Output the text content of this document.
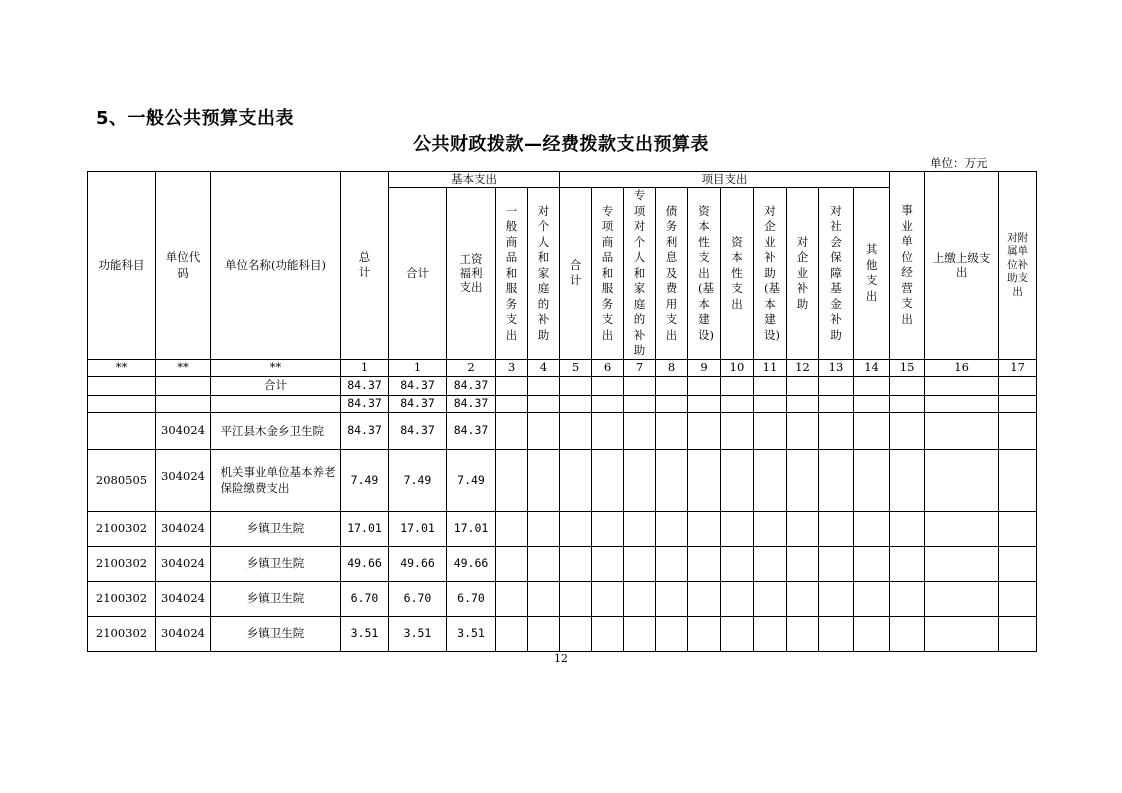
5、一般公共预算支出表
公共财政拨款—经费拨款支出预算表
单位：万元
功能科目	单位代码	单位名称(功能科目)	总计	基本支出				项目支出										事业单位经营支出	上缴上级支出	对附属单位补助支出
				合计	工资福利支出	一般商品和服务支出	对个人和家庭的补助	合计	专项商品和服务支出	专项对个人和家庭的补助	债务利息及费用支出	资本性支出(基本建设)	资本性支出	对企业补助(基本建设)	对企业补助	对社会保障基金补助	其他支出			
**	**	**	1	1	2	3	4	5	6	7	8	9	10	11	12	13	14	15	16	17
		合计	84.37	84.37	84.37															
			84.37	84.37	84.37															
	304024	平江县木金乡卫生院	84.37	84.37	84.37															
2080505	304024	机关事业单位基本养老保险缴费支出	7.49	7.49	7.49															
2100302	304024	乡镇卫生院	17.01	17.01	17.01															
2100302	304024	乡镇卫生院	49.66	49.66	49.66															
2100302	304024	乡镇卫生院	6.70	6.70	6.70															
2100302	304024	乡镇卫生院	3.51	3.51	3.51															
12
